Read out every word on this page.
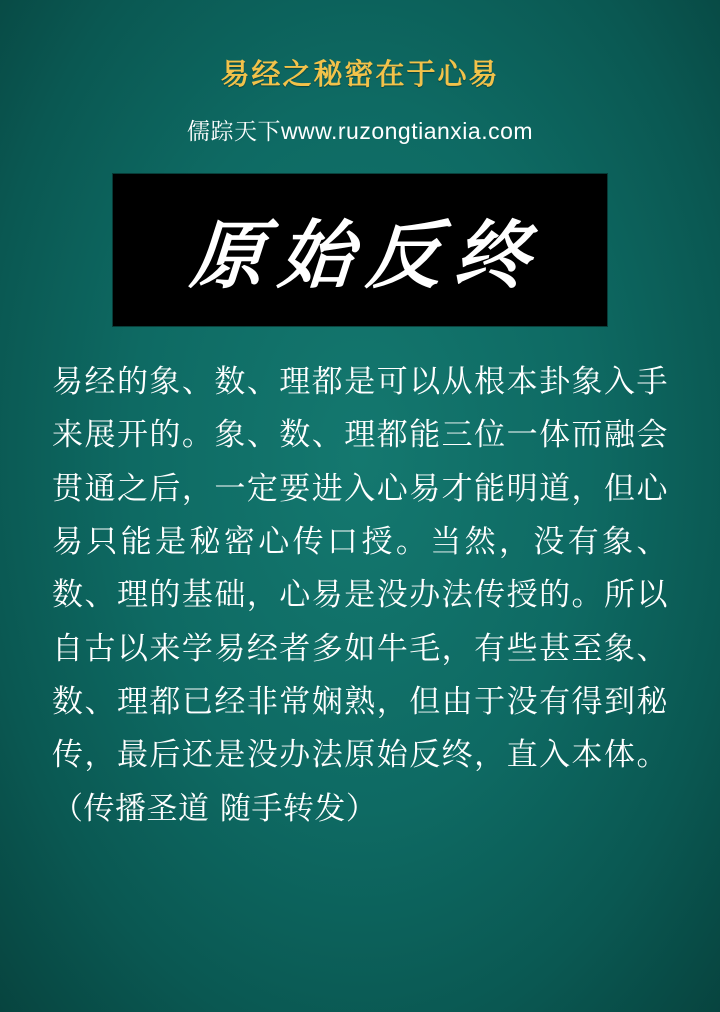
易经之秘密在于心易
儒踪天下www.ruzongtianxia.com
原始反终
易经的象、数、理都是可以从根本卦象入手来展开的。象、数、理都能三位一体而融会贯通之后，一定要进入心易才能明道，但心易只能是秘密心传口授。当然，没有象、数、理的基础，心易是没办法传授的。所以自古以来学易经者多如牛毛，有些甚至象、数、理都已经非常娴熟，但由于没有得到秘传，最后还是没办法原始反终，直入本体。（传播圣道 随手转发）
